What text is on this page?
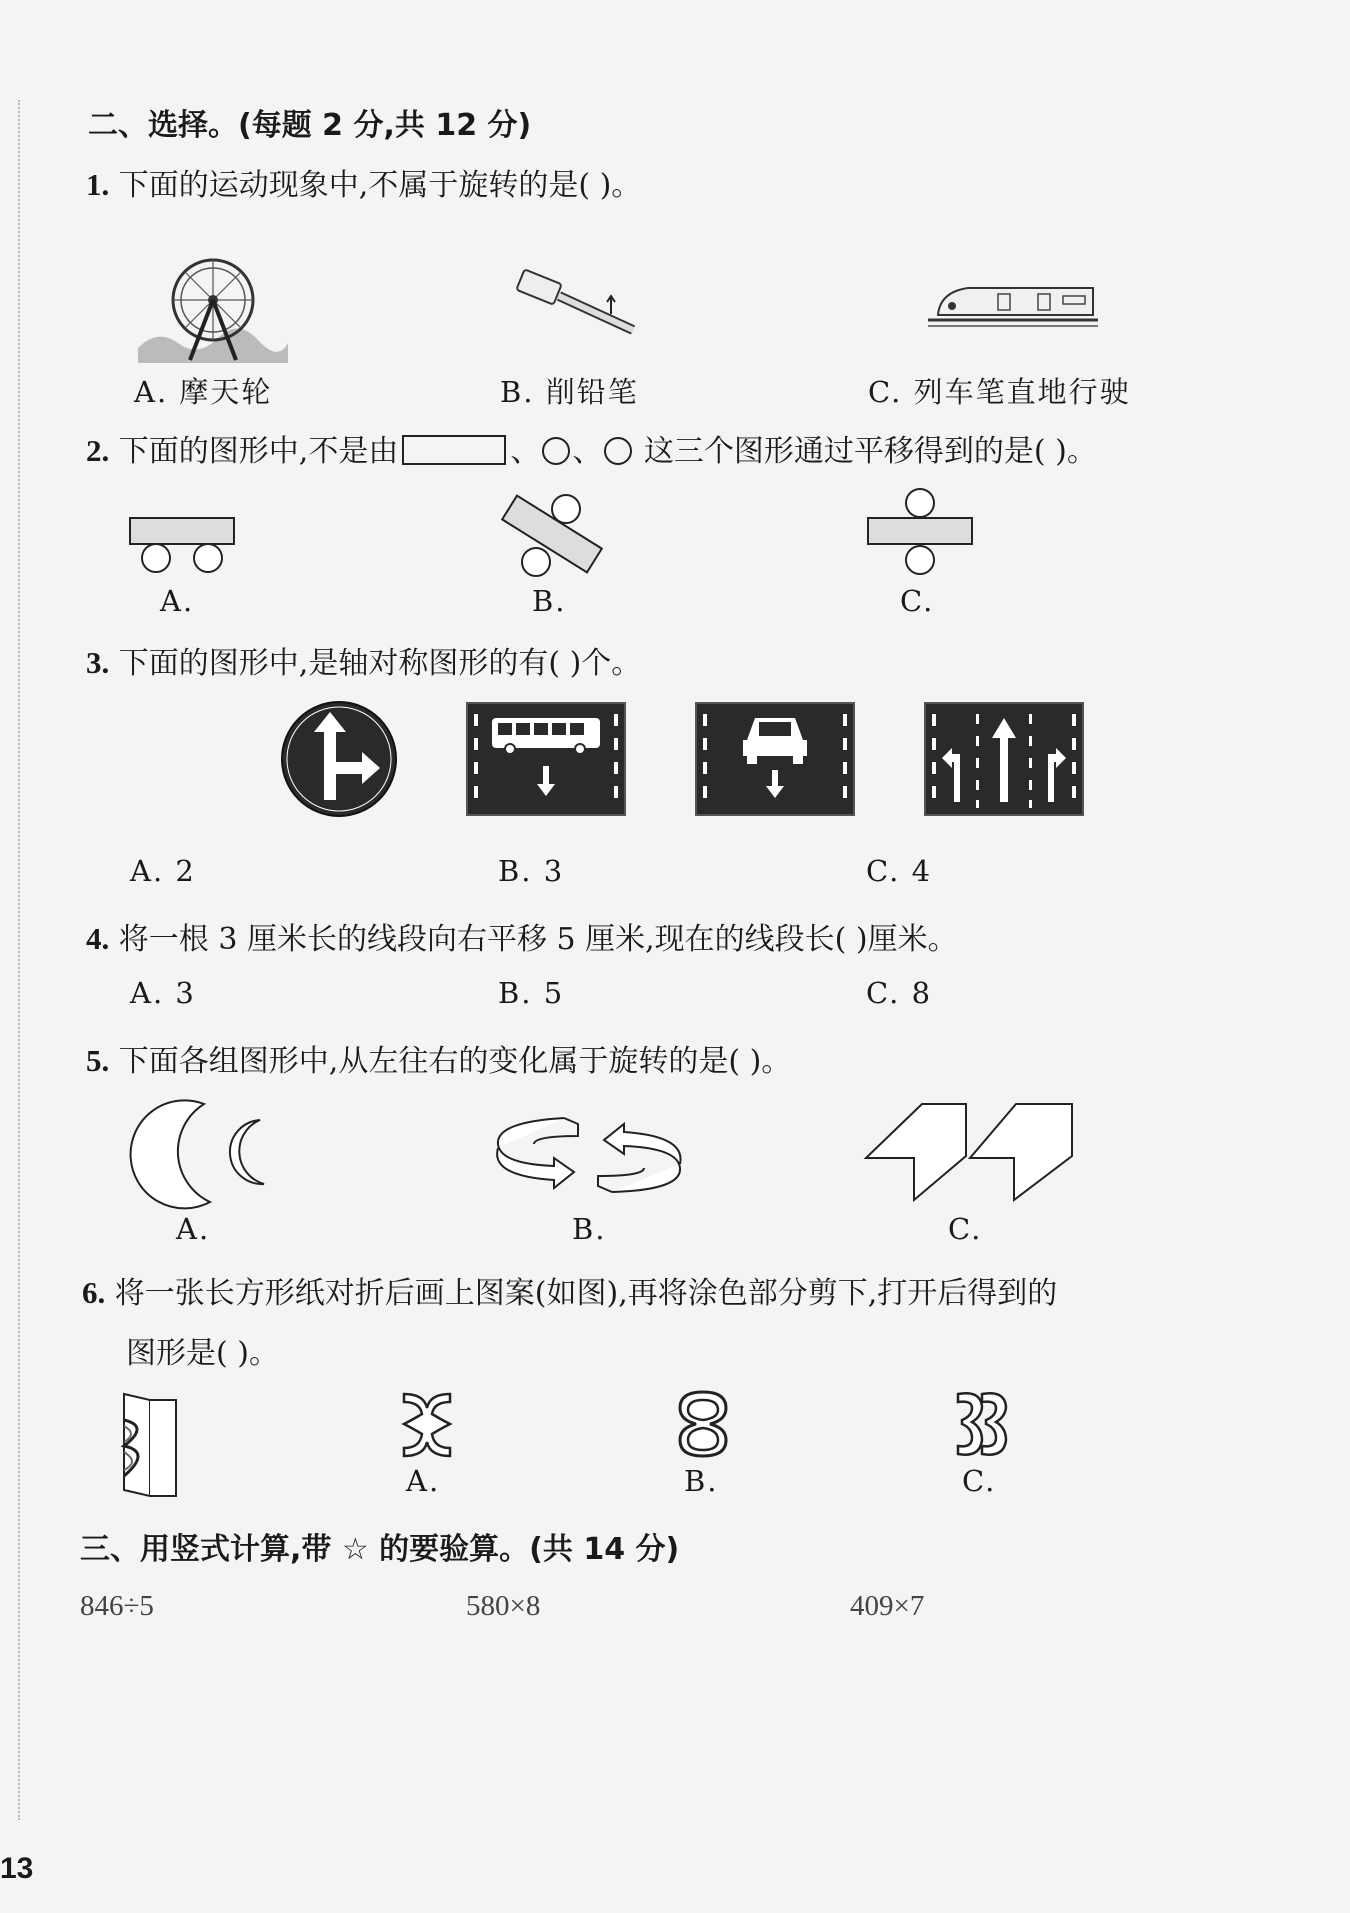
二、选择。(每题 2 分,共 12 分)
1. 下面的运动现象中,不属于旋转的是( )。
A. 摩天轮	B. 削铅笔	C. 列车笔直地行驶
2. 下面的图形中,不是由	、 、 这三个图形通过平移得到的是( )。
A.	B.	C.
3. 下面的图形中,是轴对称图形的有( )个。
A. 2	B. 3	C. 4
4. 将一根 3 厘米长的线段向右平移 5 厘米,现在的线段长( )厘米。
A. 3	B. 5	C. 8
5. 下面各组图形中,从左往右的变化属于旋转的是( )。
A.	B.	C.
6. 将一张长方形纸对折后画上图案(如图),再将涂色部分剪下,打开后得到的
图形是( )。
A.	B.	C.
三、用竖式计算,带 ☆ 的要验算。(共 14 分)
846÷5	580×8	409×7
13
